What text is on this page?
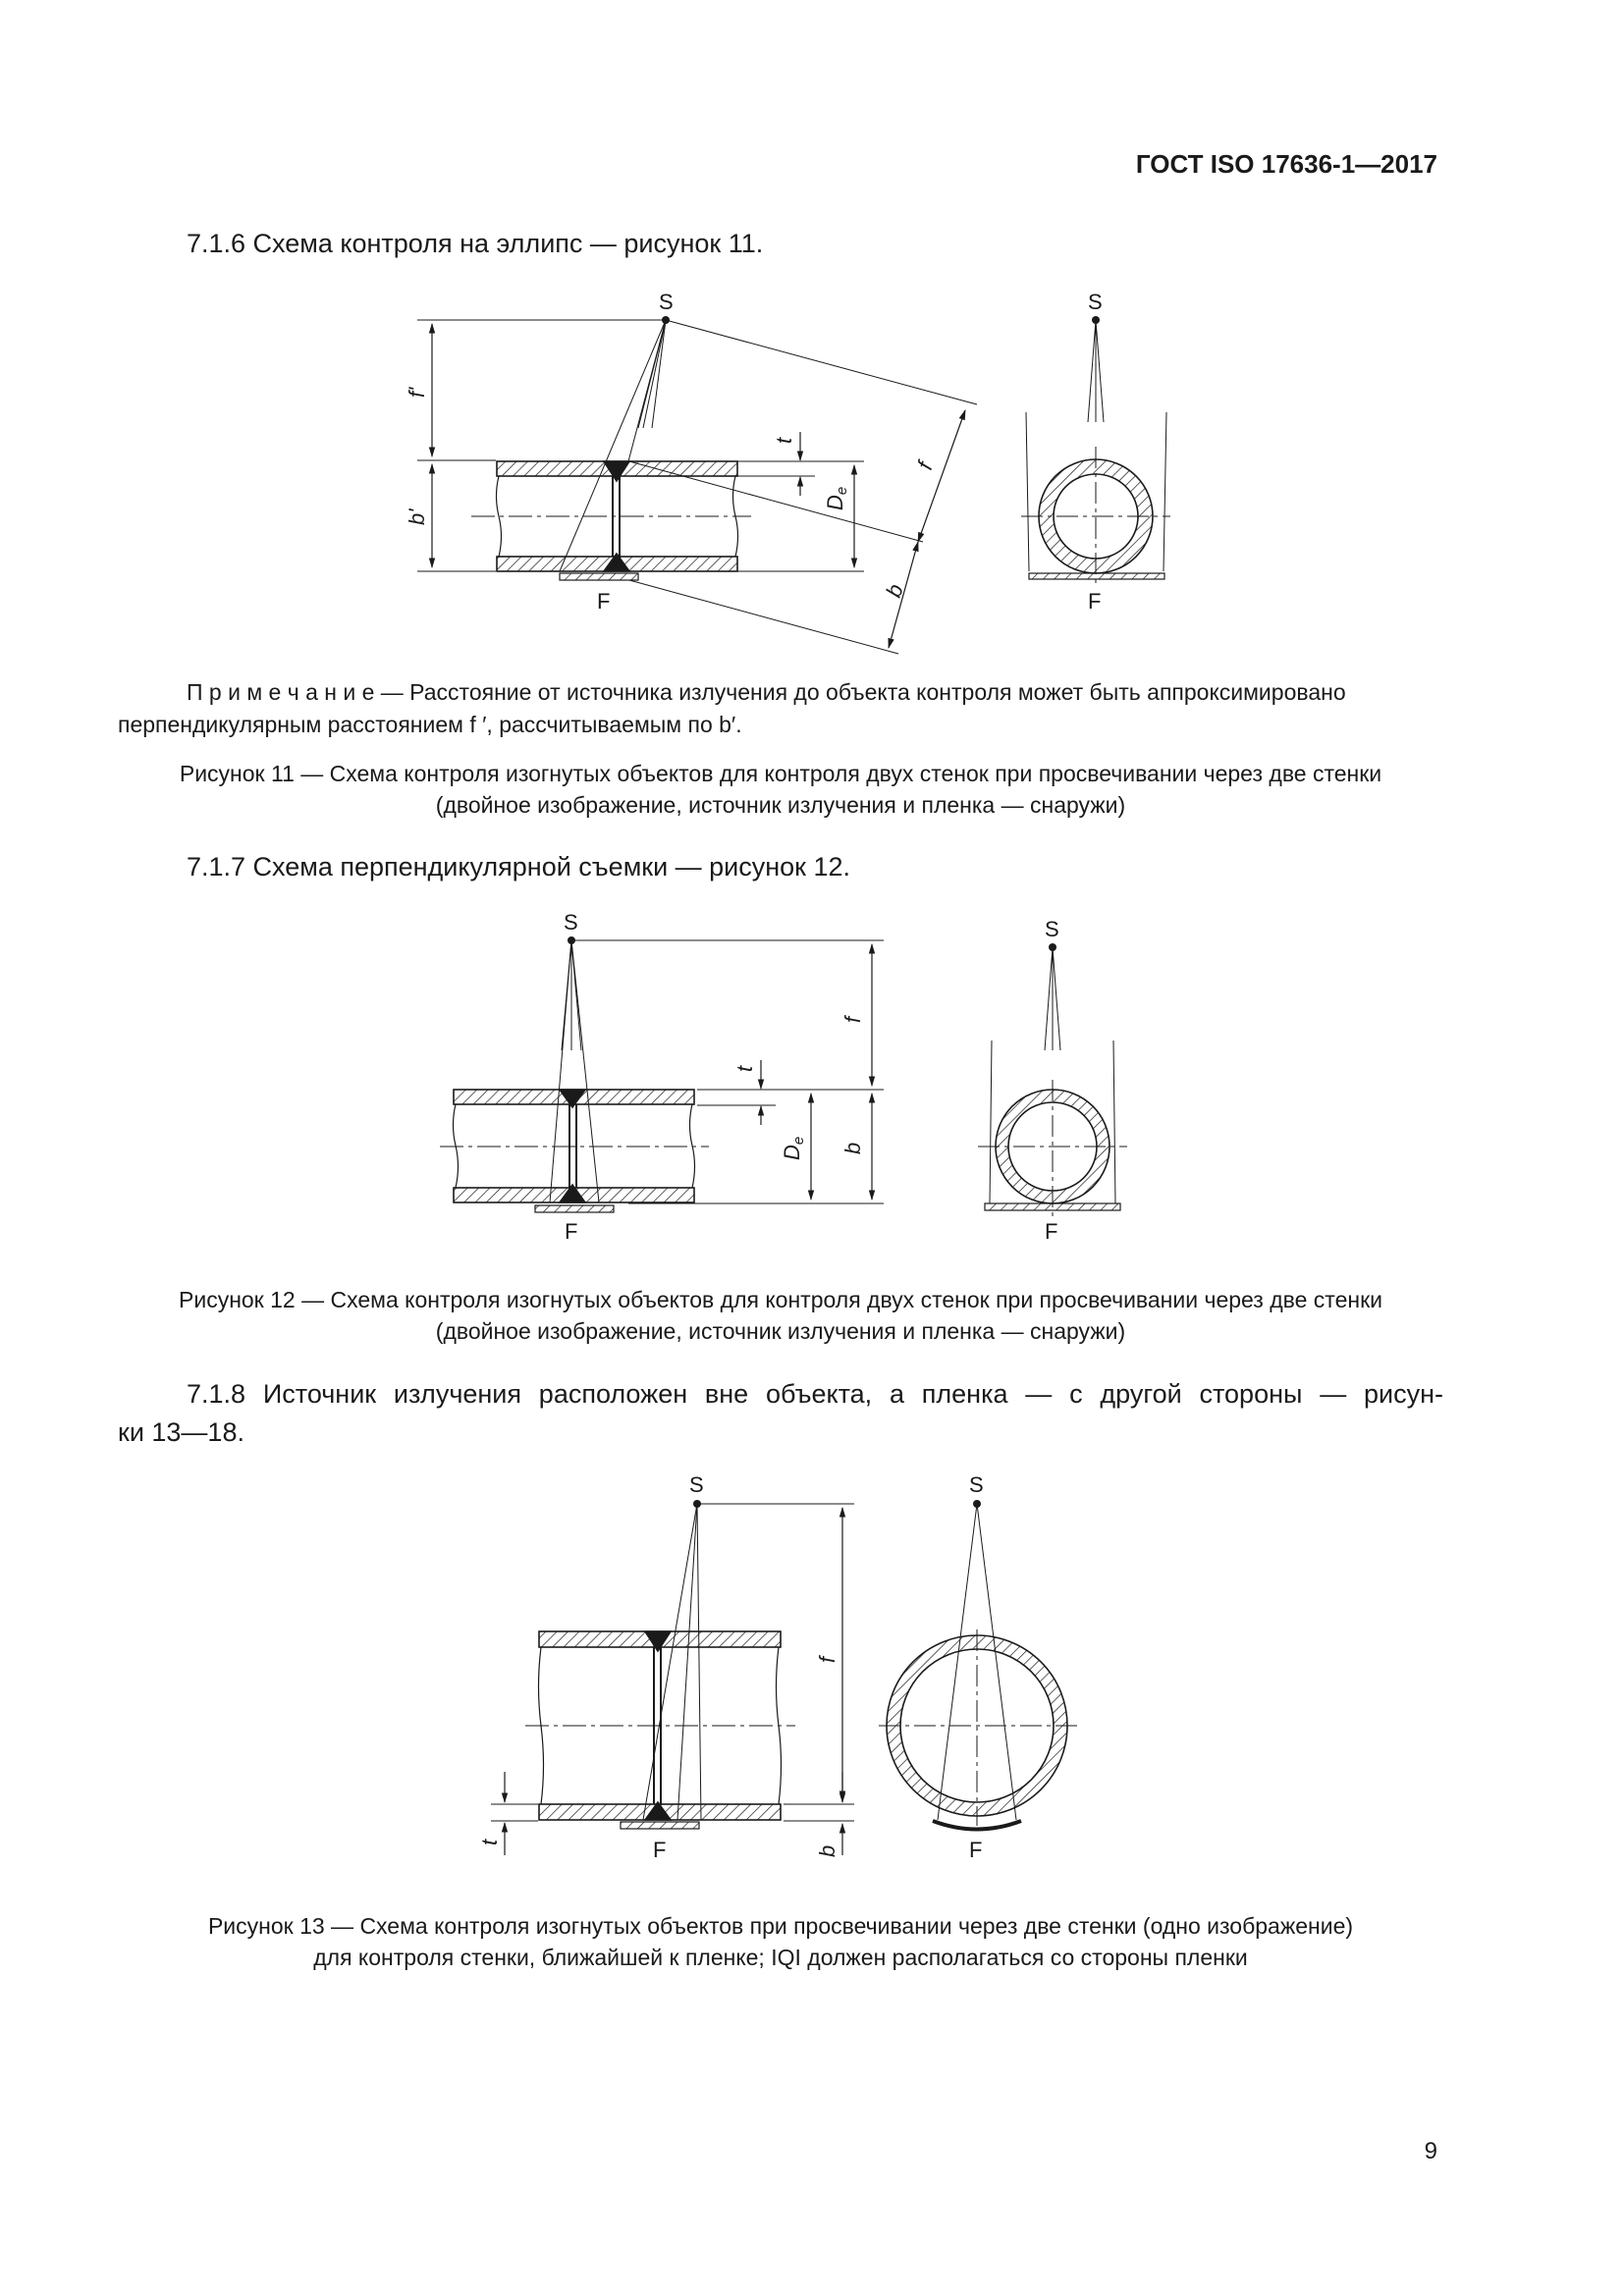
ГОСТ ISO 17636-1—2017
7.1.6 Схема контроля на эллипс — рисунок 11.
П р и м е ч а н и е — Расстояние от источника излучения до объекта контроля может быть аппроксимировано
перпендикулярным расстоянием f ′, рассчитываемым по b′.
Рисунок 11 — Схема контроля изогнутых объектов для контроля двух стенок при просвечивании через две стенки
(двойное изображение, источник излучения и пленка — снаружи)
7.1.7 Схема перпендикулярной съемки — рисунок 12.
Рисунок 12 — Схема контроля изогнутых объектов для контроля двух стенок при просвечивании через две стенки
(двойное изображение, источник излучения и пленка — снаружи)
7.1.8 Источник излучения расположен вне объекта, а пленка — с другой стороны — рисун-
ки 13—18.
Рисунок 13 — Схема контроля изогнутых объектов при просвечивании через две стенки (одно изображение)
для контроля стенки, ближайшей к пленке; IQI должен располагаться со стороны пленки
9
S
F
f'
b'
t
De
f
b
S
F
S
F
t
De
f
b
S
F
S
F
f
b
t
S
F
